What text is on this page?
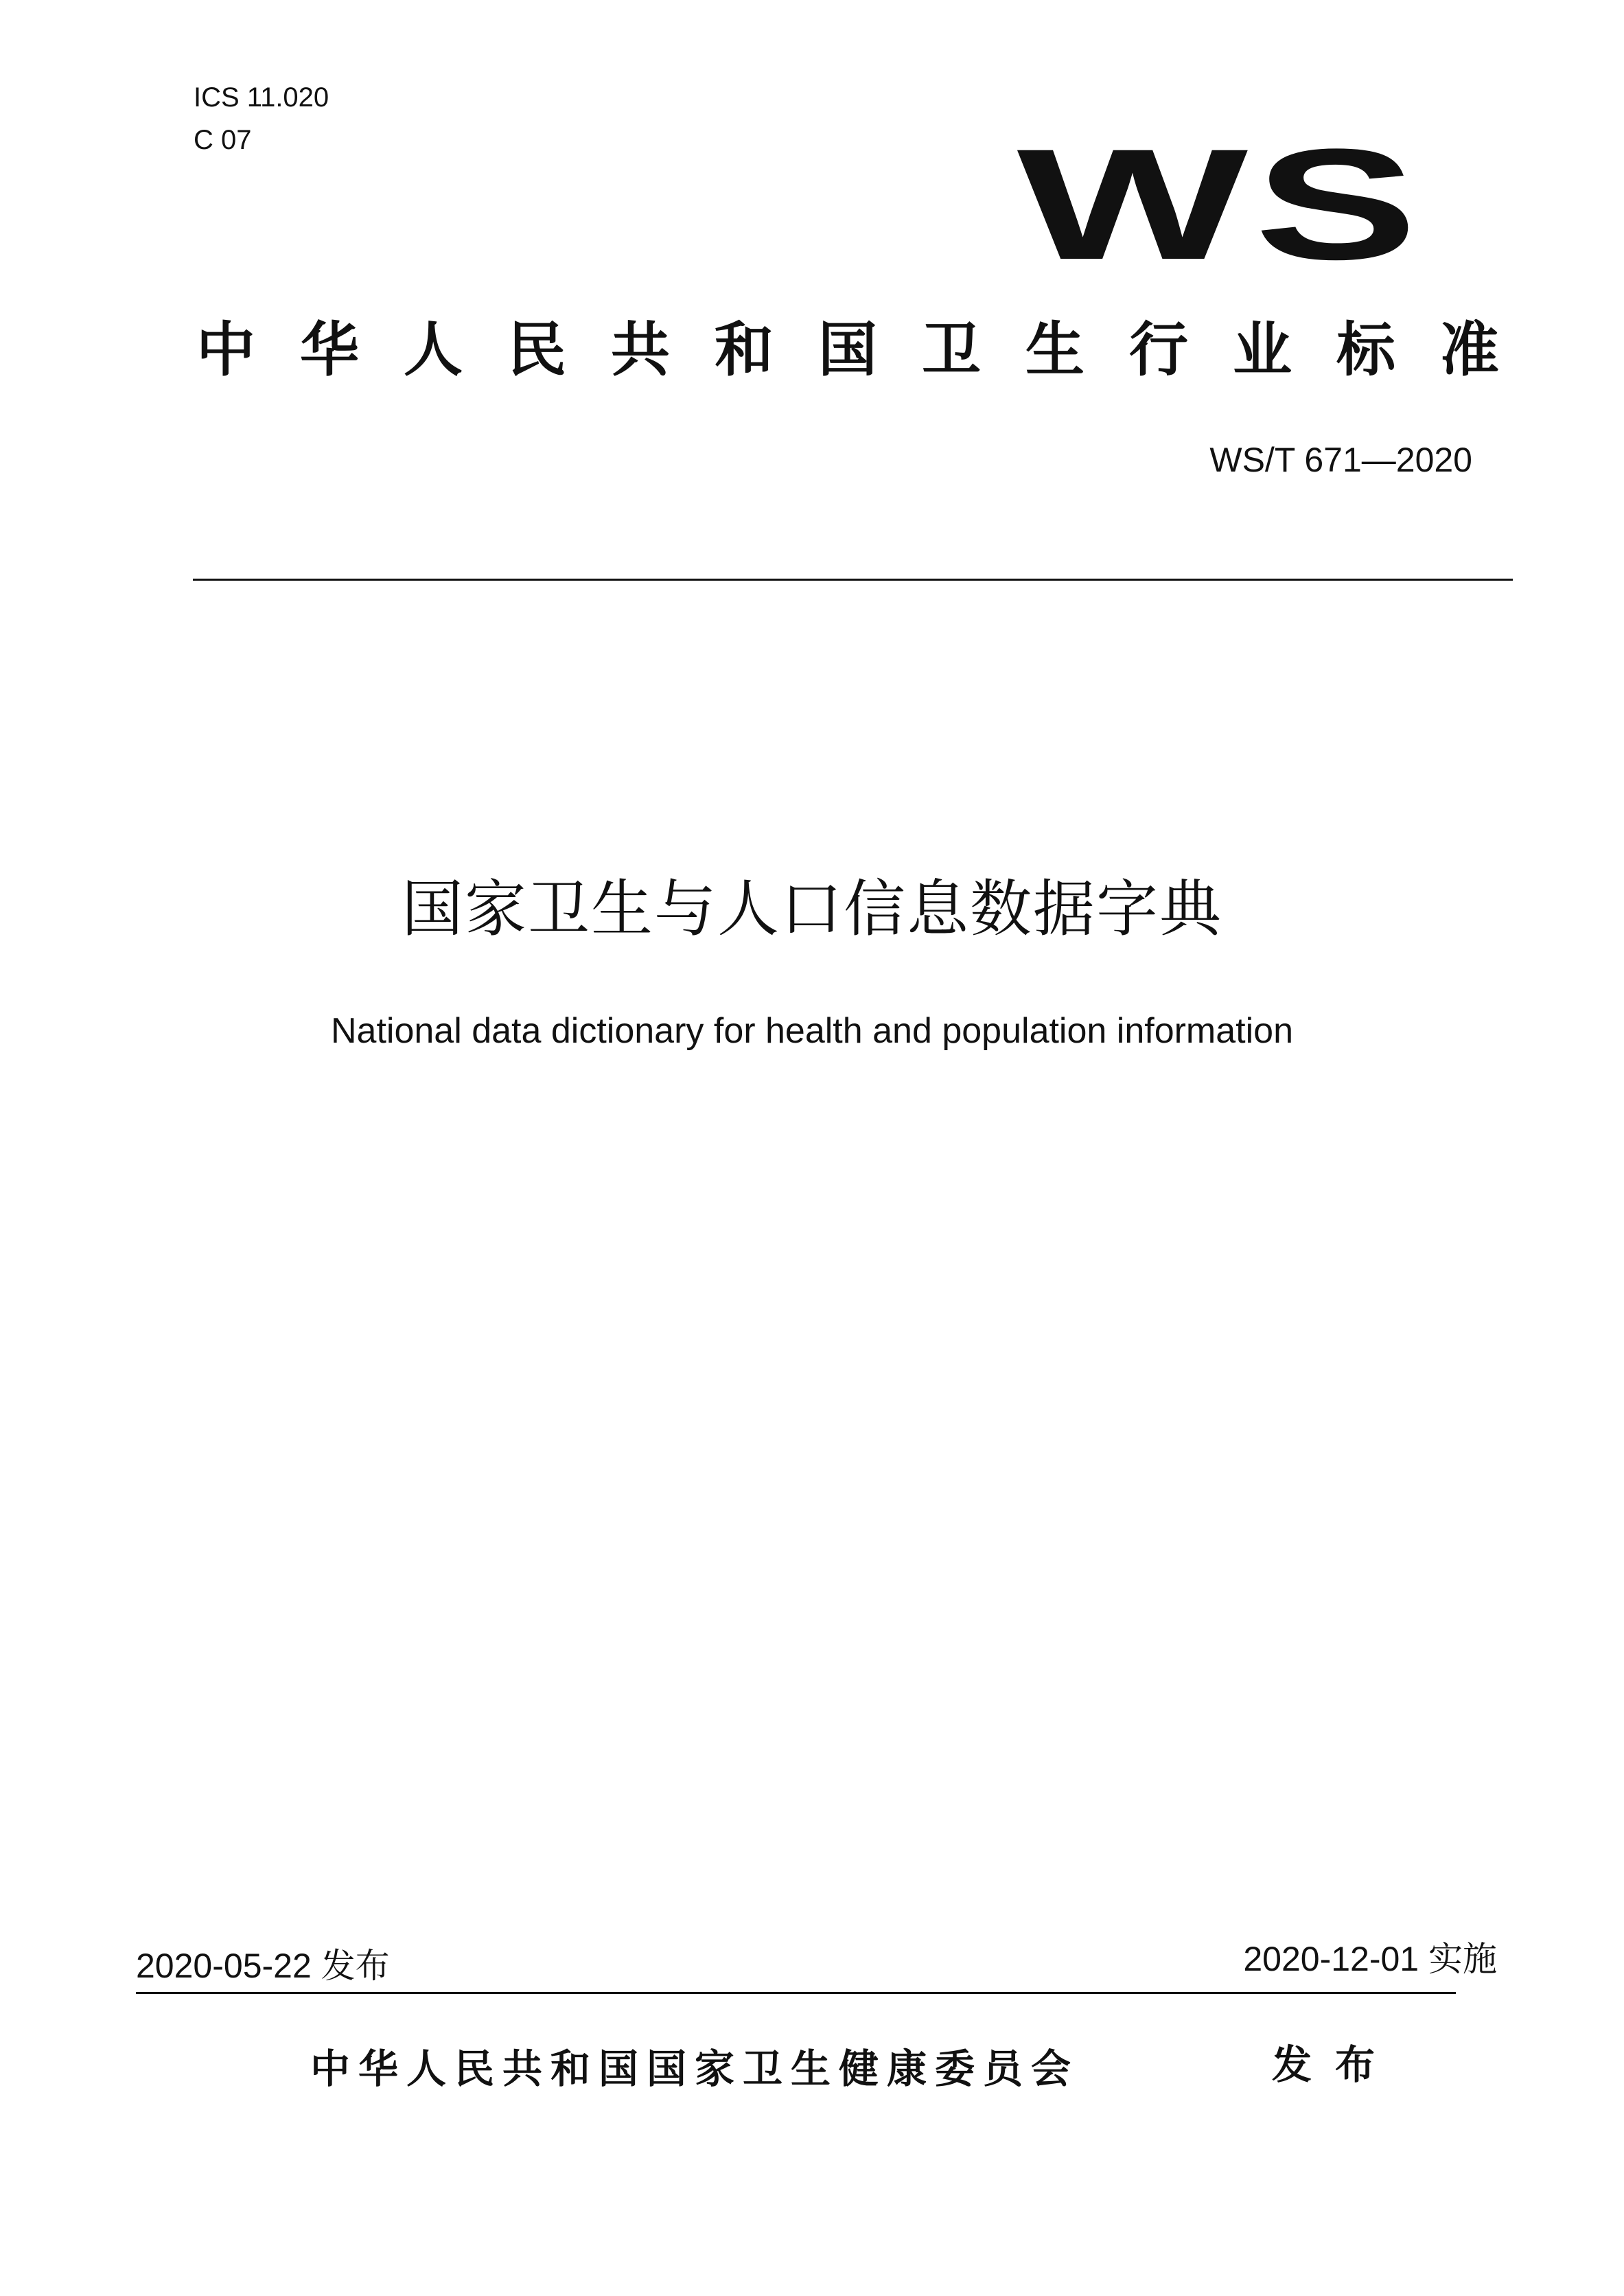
ICS 11.020
C 07	WS
中华人民共和国卫生行业标准
WS/T 671—2020
国家卫生与人口信息数据字典
National data dictionary for health and population information
2020-05-22 发布	2020-12-01 实施
中华人民共和国国家卫生健康委员会	发布
